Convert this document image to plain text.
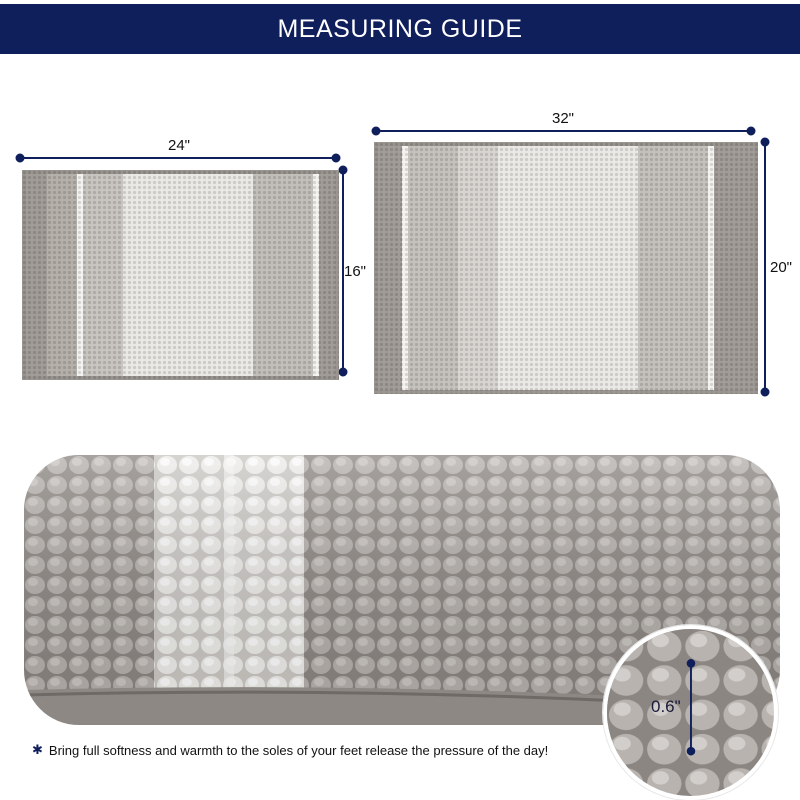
MEASURING GUIDE
24"
16"
32"
20"
0.6"
✱ Bring full softness and warmth to the soles of your feet release the pressure of the day!
